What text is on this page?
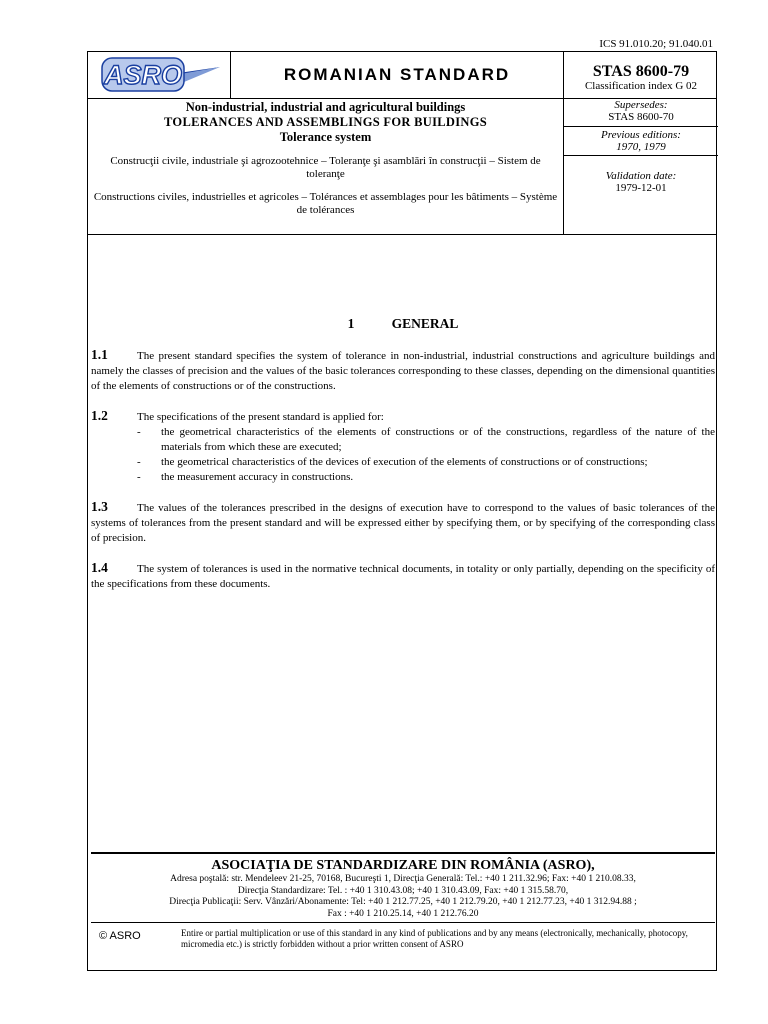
ICS 91.010.20; 91.040.01
ASRO	ROMANIAN STANDARD	STAS 8600-79
Classification index G 02
Non-industrial, industrial and agricultural buildings
TOLERANCES AND ASSEMBLINGS FOR BUILDINGS
Tolerance system
Construcţii civile, industriale şi agrozootehnice – Toleranţe şi asamblări în construcţii – Sistem de toleranţe
Constructions civiles, industrielles et agricoles – Tolérances et assemblages pour les bâtiments – Système de tolérances
Supersedes:
STAS 8600-70
Previous editions:
1970, 1979
Validation date:
1979-12-01
1	GENERAL

1.1	The present standard specifies the system of tolerance in non-industrial, industrial constructions and agriculture buildings and namely the classes of precision and the values of the basic tolerances corresponding to these classes, depending on the dimensional quantities of the elements of constructions or of the constructions.

1.2	The specifications of the present standard is applied for:
- the geometrical characteristics of the elements of constructions or of the constructions, regardless of the nature of the materials from which these are executed;
- the geometrical characteristics of the devices of execution of the elements of constructions or of constructions;
- the measurement accuracy in constructions.

1.3	The values of the tolerances prescribed in the designs of execution have to correspond to the values of basic tolerances of the systems of tolerances from the present standard and will be expressed either by specifying them, or by specifying of the corresponding class of precision.

1.4	The system of tolerances is used in the normative technical documents, in totality or only partially, depending on the specificity of the specifications from these documents.

ASOCIAŢIA DE STANDARDIZARE DIN ROMÂNIA (ASRO),
Adresa poştală: str. Mendeleev 21-25, 70168, Bucureşti 1, Direcţia Generală: Tel.: +40 1 211.32.96; Fax: +40 1 210.08.33,
Direcţia Standardizare: Tel. : +40 1 310.43.08; +40 1 310.43.09, Fax: +40 1 315.58.70,
Direcţia Publicaţii: Serv. Vânzări/Abonamente: Tel: +40 1 212.77.25, +40 1 212.79.20, +40 1 212.77.23, +40 1 312.94.88 ;
Fax : +40 1 210.25.14, +40 1 212.76.20
© ASRO	Entire or partial multiplication or use of this standard in any kind of publications and by any means (electronically, mechanically, photocopy, micromedia etc.) is strictly forbidden without a prior written consent of ASRO
